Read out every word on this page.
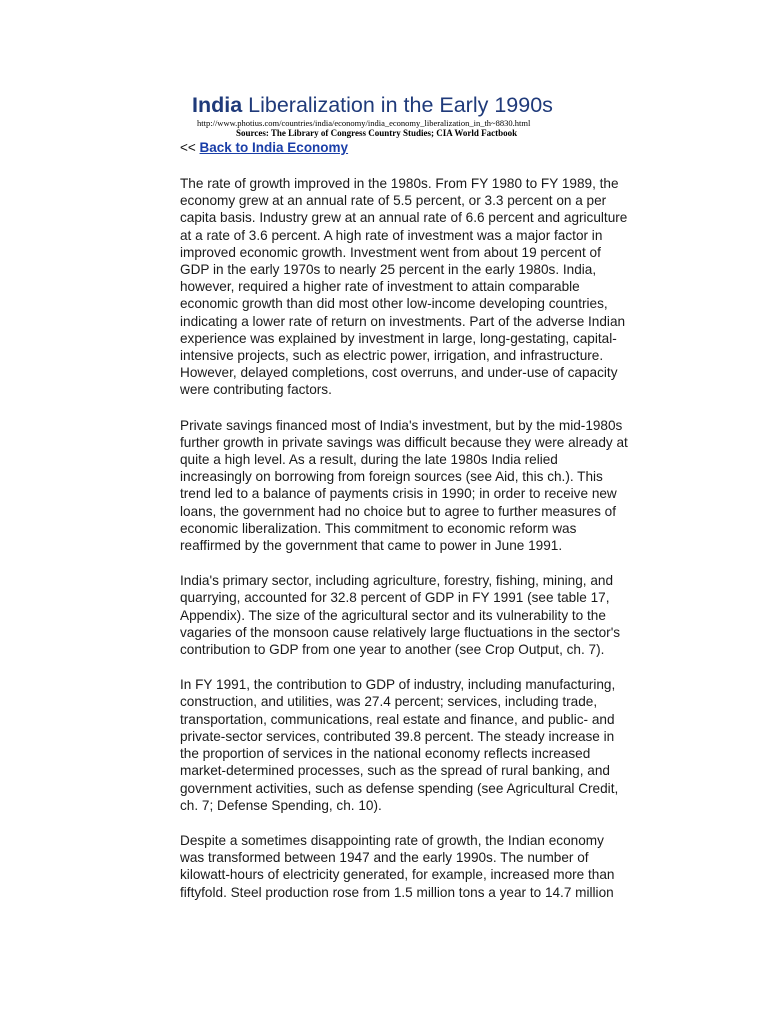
India Liberalization in the Early 1990s

http://www.photius.com/countries/india/economy/india_economy_liberalization_in_th~8830.html

Sources: The Library of Congress Country Studies; CIA World Factbook

<< Back to India Economy

The rate of growth improved in the 1980s. From FY 1980 to FY 1989, the
economy grew at an annual rate of 5.5 percent, or 3.3 percent on a per
capita basis. Industry grew at an annual rate of 6.6 percent and agriculture
at a rate of 3.6 percent. A high rate of investment was a major factor in
improved economic growth. Investment went from about 19 percent of
GDP in the early 1970s to nearly 25 percent in the early 1980s. India,
however, required a higher rate of investment to attain comparable
economic growth than did most other low-income developing countries,
indicating a lower rate of return on investments. Part of the adverse Indian
experience was explained by investment in large, long-gestating, capital-
intensive projects, such as electric power, irrigation, and infrastructure.
However, delayed completions, cost overruns, and under-use of capacity
were contributing factors.

Private savings financed most of India's investment, but by the mid-1980s
further growth in private savings was difficult because they were already at
quite a high level. As a result, during the late 1980s India relied
increasingly on borrowing from foreign sources (see Aid, this ch.). This
trend led to a balance of payments crisis in 1990; in order to receive new
loans, the government had no choice but to agree to further measures of
economic liberalization. This commitment to economic reform was
reaffirmed by the government that came to power in June 1991.

India's primary sector, including agriculture, forestry, fishing, mining, and
quarrying, accounted for 32.8 percent of GDP in FY 1991 (see table 17,
Appendix). The size of the agricultural sector and its vulnerability to the
vagaries of the monsoon cause relatively large fluctuations in the sector's
contribution to GDP from one year to another (see Crop Output, ch. 7).

In FY 1991, the contribution to GDP of industry, including manufacturing,
construction, and utilities, was 27.4 percent; services, including trade,
transportation, communications, real estate and finance, and public- and
private-sector services, contributed 39.8 percent. The steady increase in
the proportion of services in the national economy reflects increased
market-determined processes, such as the spread of rural banking, and
government activities, such as defense spending (see Agricultural Credit,
ch. 7; Defense Spending, ch. 10).

Despite a sometimes disappointing rate of growth, the Indian economy
was transformed between 1947 and the early 1990s. The number of
kilowatt-hours of electricity generated, for example, increased more than
fiftyfold. Steel production rose from 1.5 million tons a year to 14.7 million
